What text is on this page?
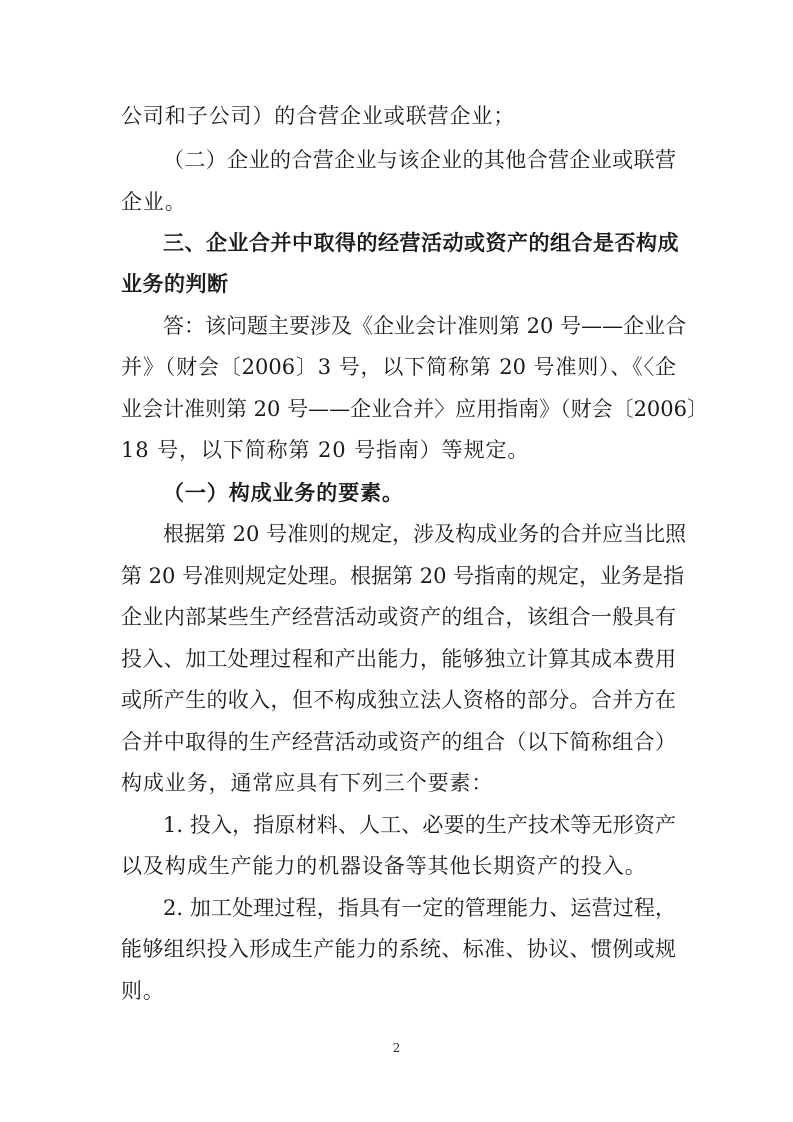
公司和子公司）的合营企业或联营企业；
（二）企业的合营企业与该企业的其他合营企业或联营
企业。
三、企业合并中取得的经营活动或资产的组合是否构成
业务的判断
答：该问题主要涉及《企业会计准则第 20 号——企业合
并》（财会〔2006〕3 号，以下简称第 20 号准则）、《〈企
业会计准则第 20 号——企业合并〉应用指南》（财会〔2006〕
18 号，以下简称第 20 号指南）等规定。
（一）构成业务的要素。
根据第 20 号准则的规定，涉及构成业务的合并应当比照
第 20 号准则规定处理。根据第 20 号指南的规定，业务是指
企业内部某些生产经营活动或资产的组合，该组合一般具有
投入、加工处理过程和产出能力，能够独立计算其成本费用
或所产生的收入，但不构成独立法人资格的部分。合并方在
合并中取得的生产经营活动或资产的组合（以下简称组合）
构成业务，通常应具有下列三个要素：
1. 投入，指原材料、人工、必要的生产技术等无形资产
以及构成生产能力的机器设备等其他长期资产的投入。
2. 加工处理过程，指具有一定的管理能力、运营过程，
能够组织投入形成生产能力的系统、标准、协议、惯例或规
则。
2
